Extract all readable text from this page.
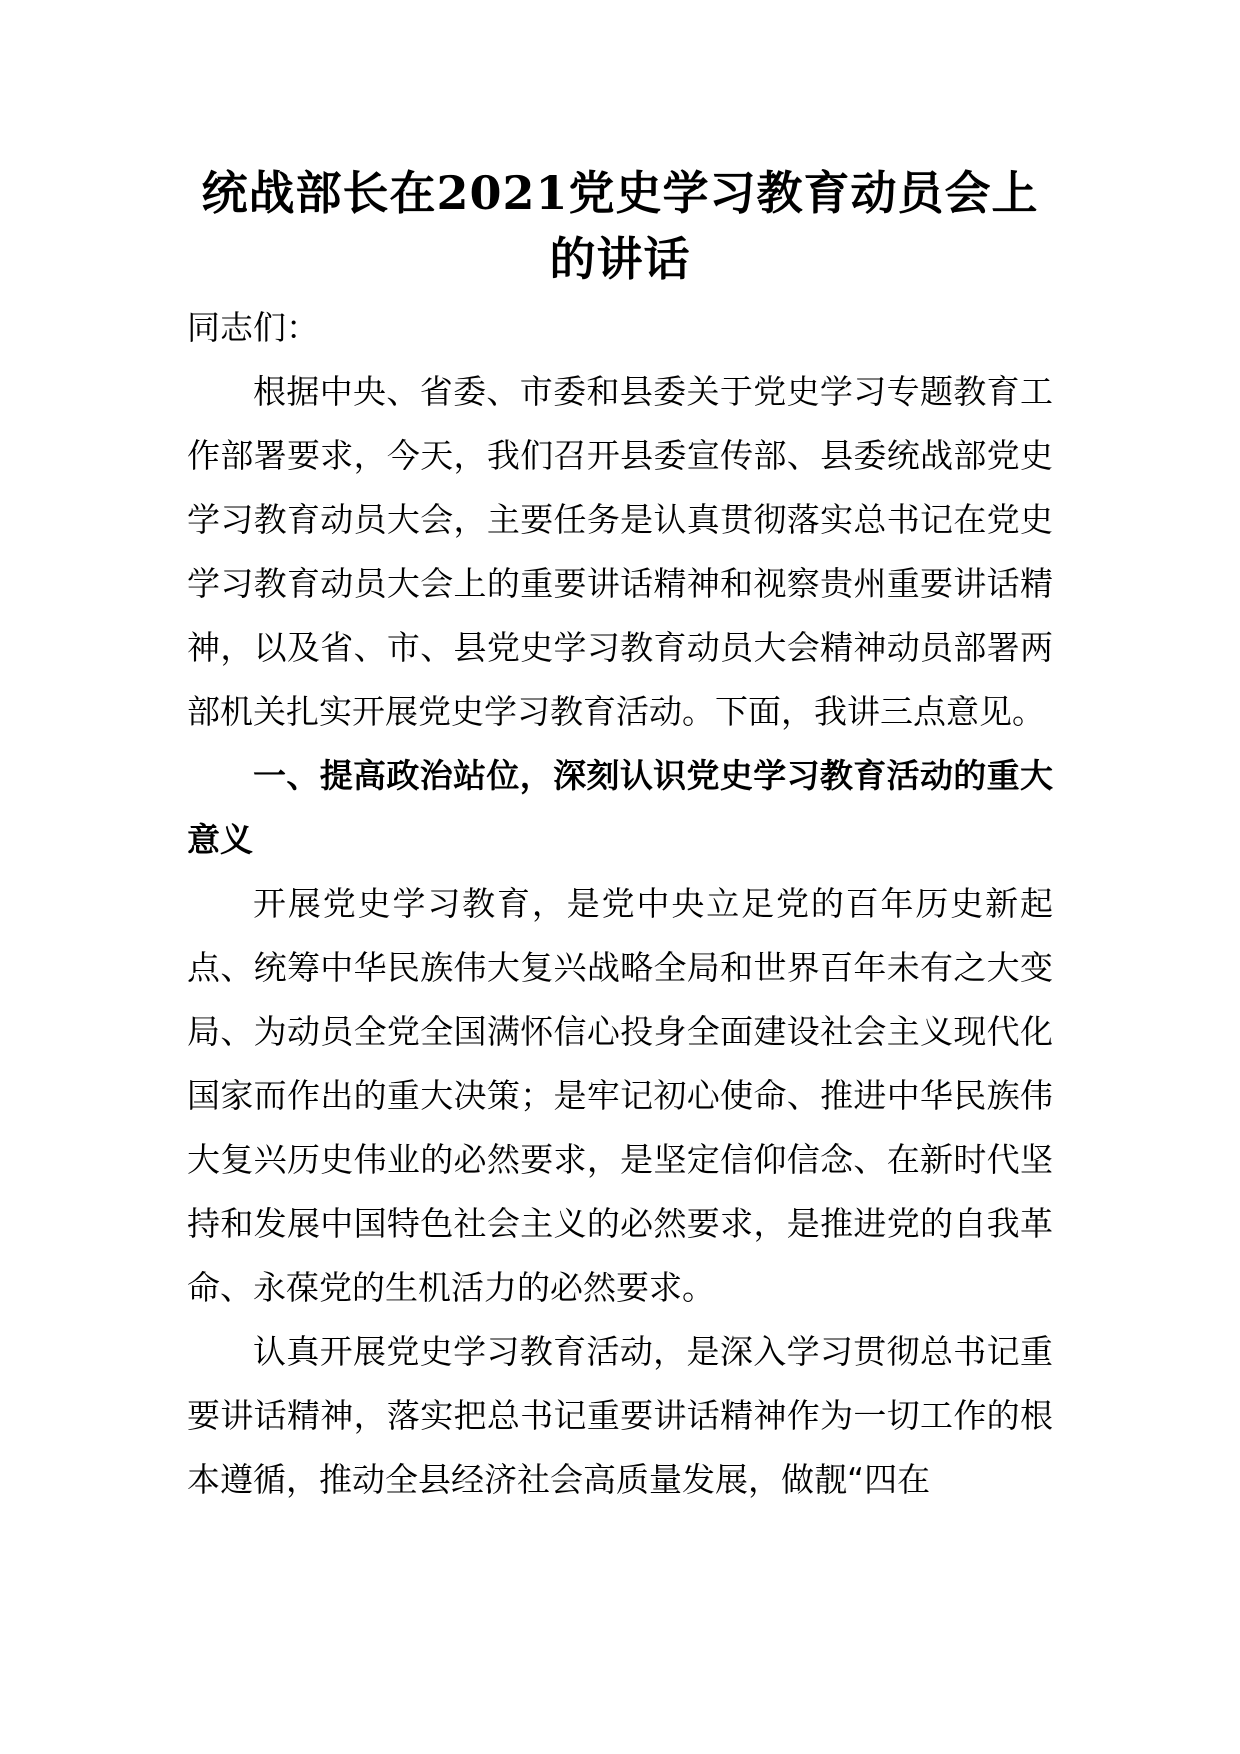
统战部长在2021党史学习教育动员会上的讲话

同志们：

根据中央、省委、市委和县委关于党史学习专题教育工作部署要求，今天，我们召开县委宣传部、县委统战部党史学习教育动员大会，主要任务是认真贯彻落实总书记在党史学习教育动员大会上的重要讲话精神和视察贵州重要讲话精神，以及省、市、县党史学习教育动员大会精神动员部署两部机关扎实开展党史学习教育活动。下面，我讲三点意见。

一、提高政治站位，深刻认识党史学习教育活动的重大意义

开展党史学习教育，是党中央立足党的百年历史新起点、统筹中华民族伟大复兴战略全局和世界百年未有之大变局、为动员全党全国满怀信心投身全面建设社会主义现代化国家而作出的重大决策；是牢记初心使命、推进中华民族伟大复兴历史伟业的必然要求，是坚定信仰信念、在新时代坚持和发展中国特色社会主义的必然要求，是推进党的自我革命、永葆党的生机活力的必然要求。

认真开展党史学习教育活动，是深入学习贯彻总书记重要讲话精神，落实把总书记重要讲话精神作为一切工作的根本遵循，推动全县经济社会高质量发展，做靓“四在
